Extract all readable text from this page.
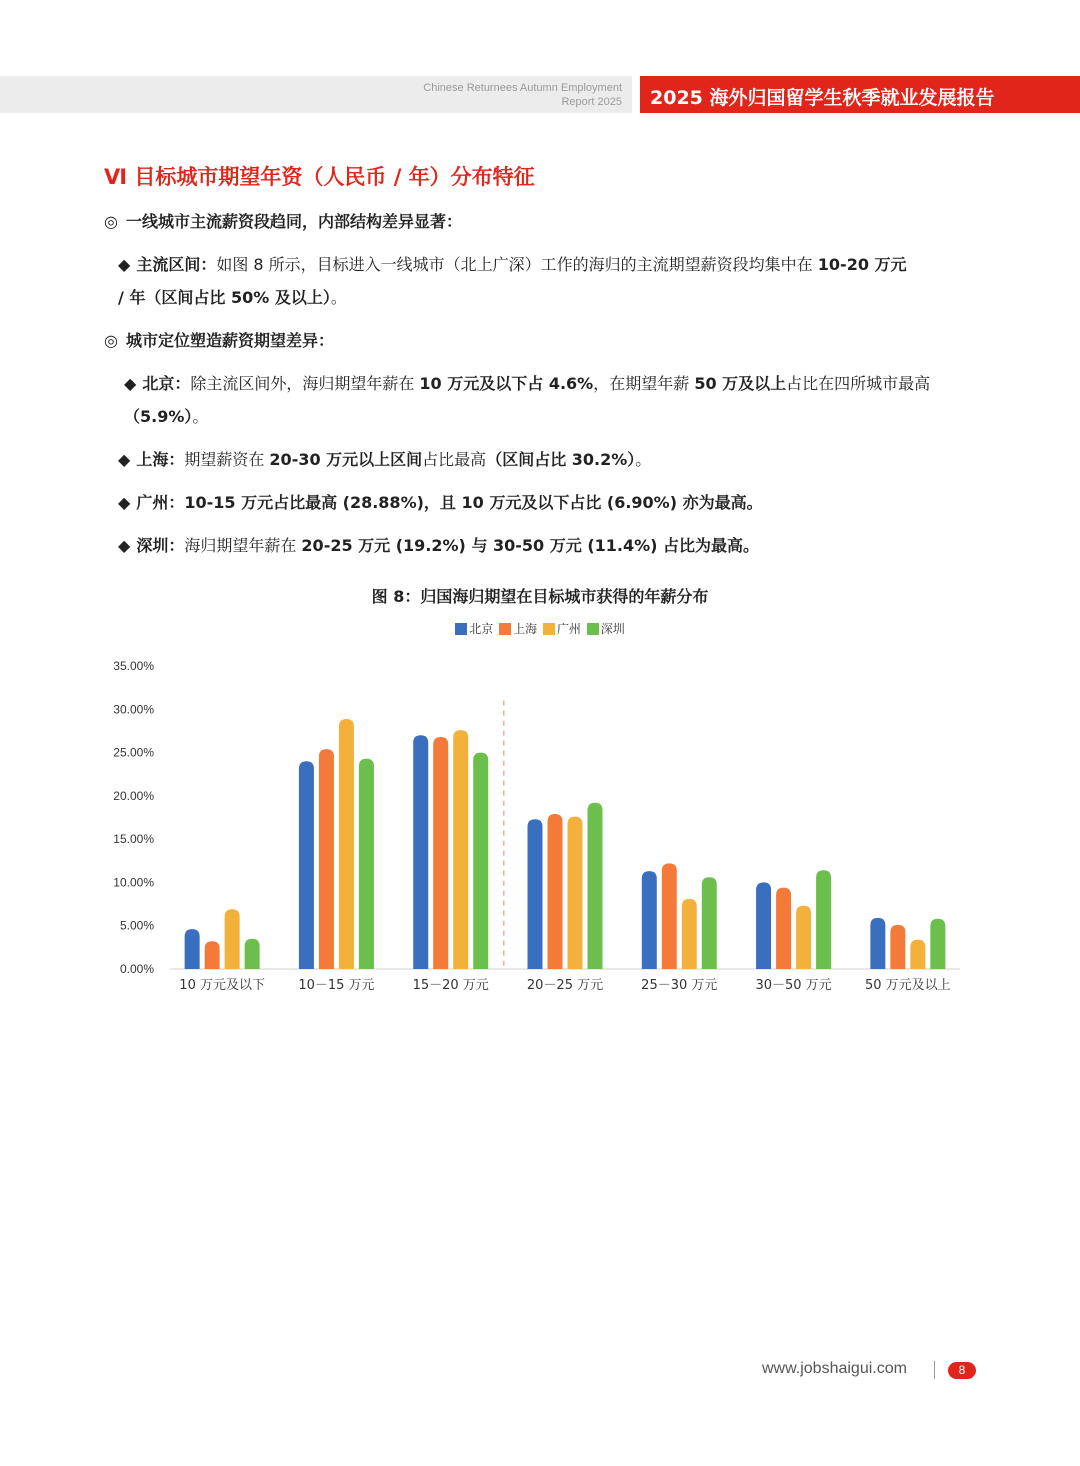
Chinese Returnees Autumn Employment
Report 2025 2025 海外归国留学生秋季就业发展报告
Ⅵ 目标城市期望年资（人民币 / 年）分布特征
◎ 一线城市主流薪资段趋同，内部结构差异显著：
◆ 主流区间：如图 8 所示，目标进入一线城市（北上广深）工作的海归的主流期望薪资段均集中在 10-20 万元
/ 年（区间占比 50% 及以上）。
◎ 城市定位塑造薪资期望差异：
◆ 北京：除主流区间外，海归期望年薪在 10 万元及以下占 4.6%，在期望年薪 50 万及以上占比在四所城市最高
（5.9%）。
◆ 上海：期望薪资在 20-30 万元以上区间占比最高（区间占比 30.2%）。
◆ 广州：10-15 万元占比最高 (28.88%)，且 10 万元及以下占比 (6.90%) 亦为最高。
◆ 深圳：海归期望年薪在 20-25 万元 (19.2%) 与 30-50 万元 (11.4%) 占比为最高。
图 8：归国海归期望在目标城市获得的年薪分布
北京 上海 广州 深圳
0.00%
5.00%
10.00%
15.00%
20.00%
25.00%
30.00%
35.00%
10 万元及以下	10－15 万元	15－20 万元	20－25 万元	25－30 万元	30－50 万元	50 万元及以上
www.jobshaigui.com	8
